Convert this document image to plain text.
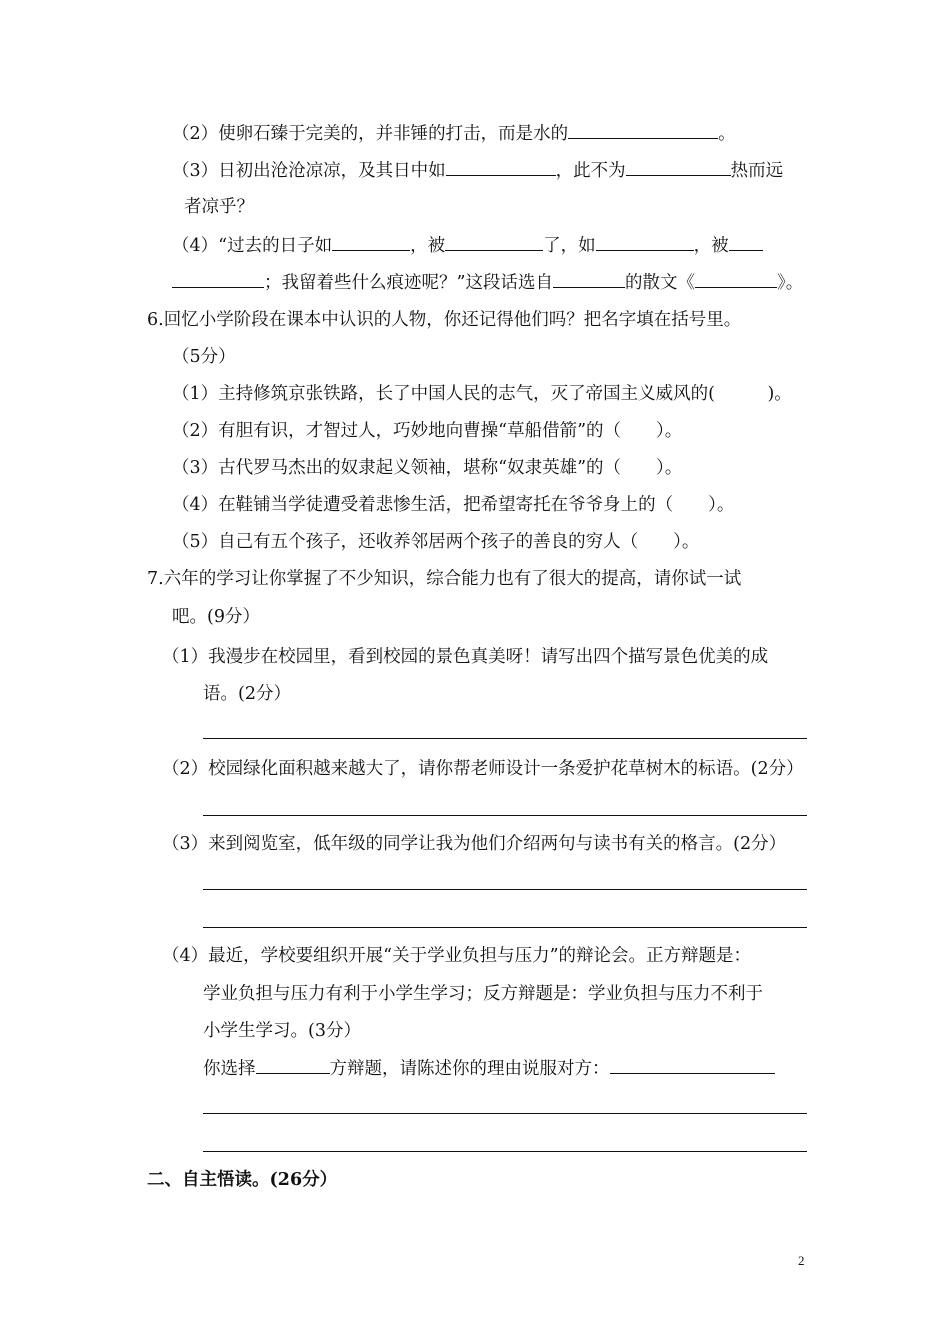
（2）使卵石臻于完美的，并非锤的打击，而是水的	。
（3）日初出沧沧凉凉，及其日中如	，此不为	热而远
者凉乎？
（4）“过去的日子如	，被	了，如	，被
；我留着些什么痕迹呢？”这段话选自	的散文《	》。
6.回忆小学阶段在课本中认识的人物，你还记得他们吗？把名字填在括号里。
（5分）
（1）主持修筑京张铁路，长了中国人民的志气，灭了帝国主义威风的(　　　)。
（2）有胆有识，才智过人，巧妙地向曹操“草船借箭”的（　　）。
（3）古代罗马杰出的奴隶起义领袖，堪称“奴隶英雄”的（　　）。
（4）在鞋铺当学徒遭受着悲惨生活，把希望寄托在爷爷身上的（　　）。
（5）自己有五个孩子，还收养邻居两个孩子的善良的穷人（　　）。
7.六年的学习让你掌握了不少知识，综合能力也有了很大的提高，请你试一试
吧。(9分）
（1）我漫步在校园里，看到校园的景色真美呀！请写出四个描写景色优美的成
语。(2分）
（2）校园绿化面积越来越大了，请你帮老师设计一条爱护花草树木的标语。(2分）
（3）来到阅览室，低年级的同学让我为他们介绍两句与读书有关的格言。(2分）
（4）最近，学校要组织开展“关于学业负担与压力”的辩论会。正方辩题是：
学业负担与压力有利于小学生学习；反方辩题是：学业负担与压力不利于
小学生学习。(3分）
你选择	方辩题，请陈述你的理由说服对方：
二、自主悟读。(26分）
2
